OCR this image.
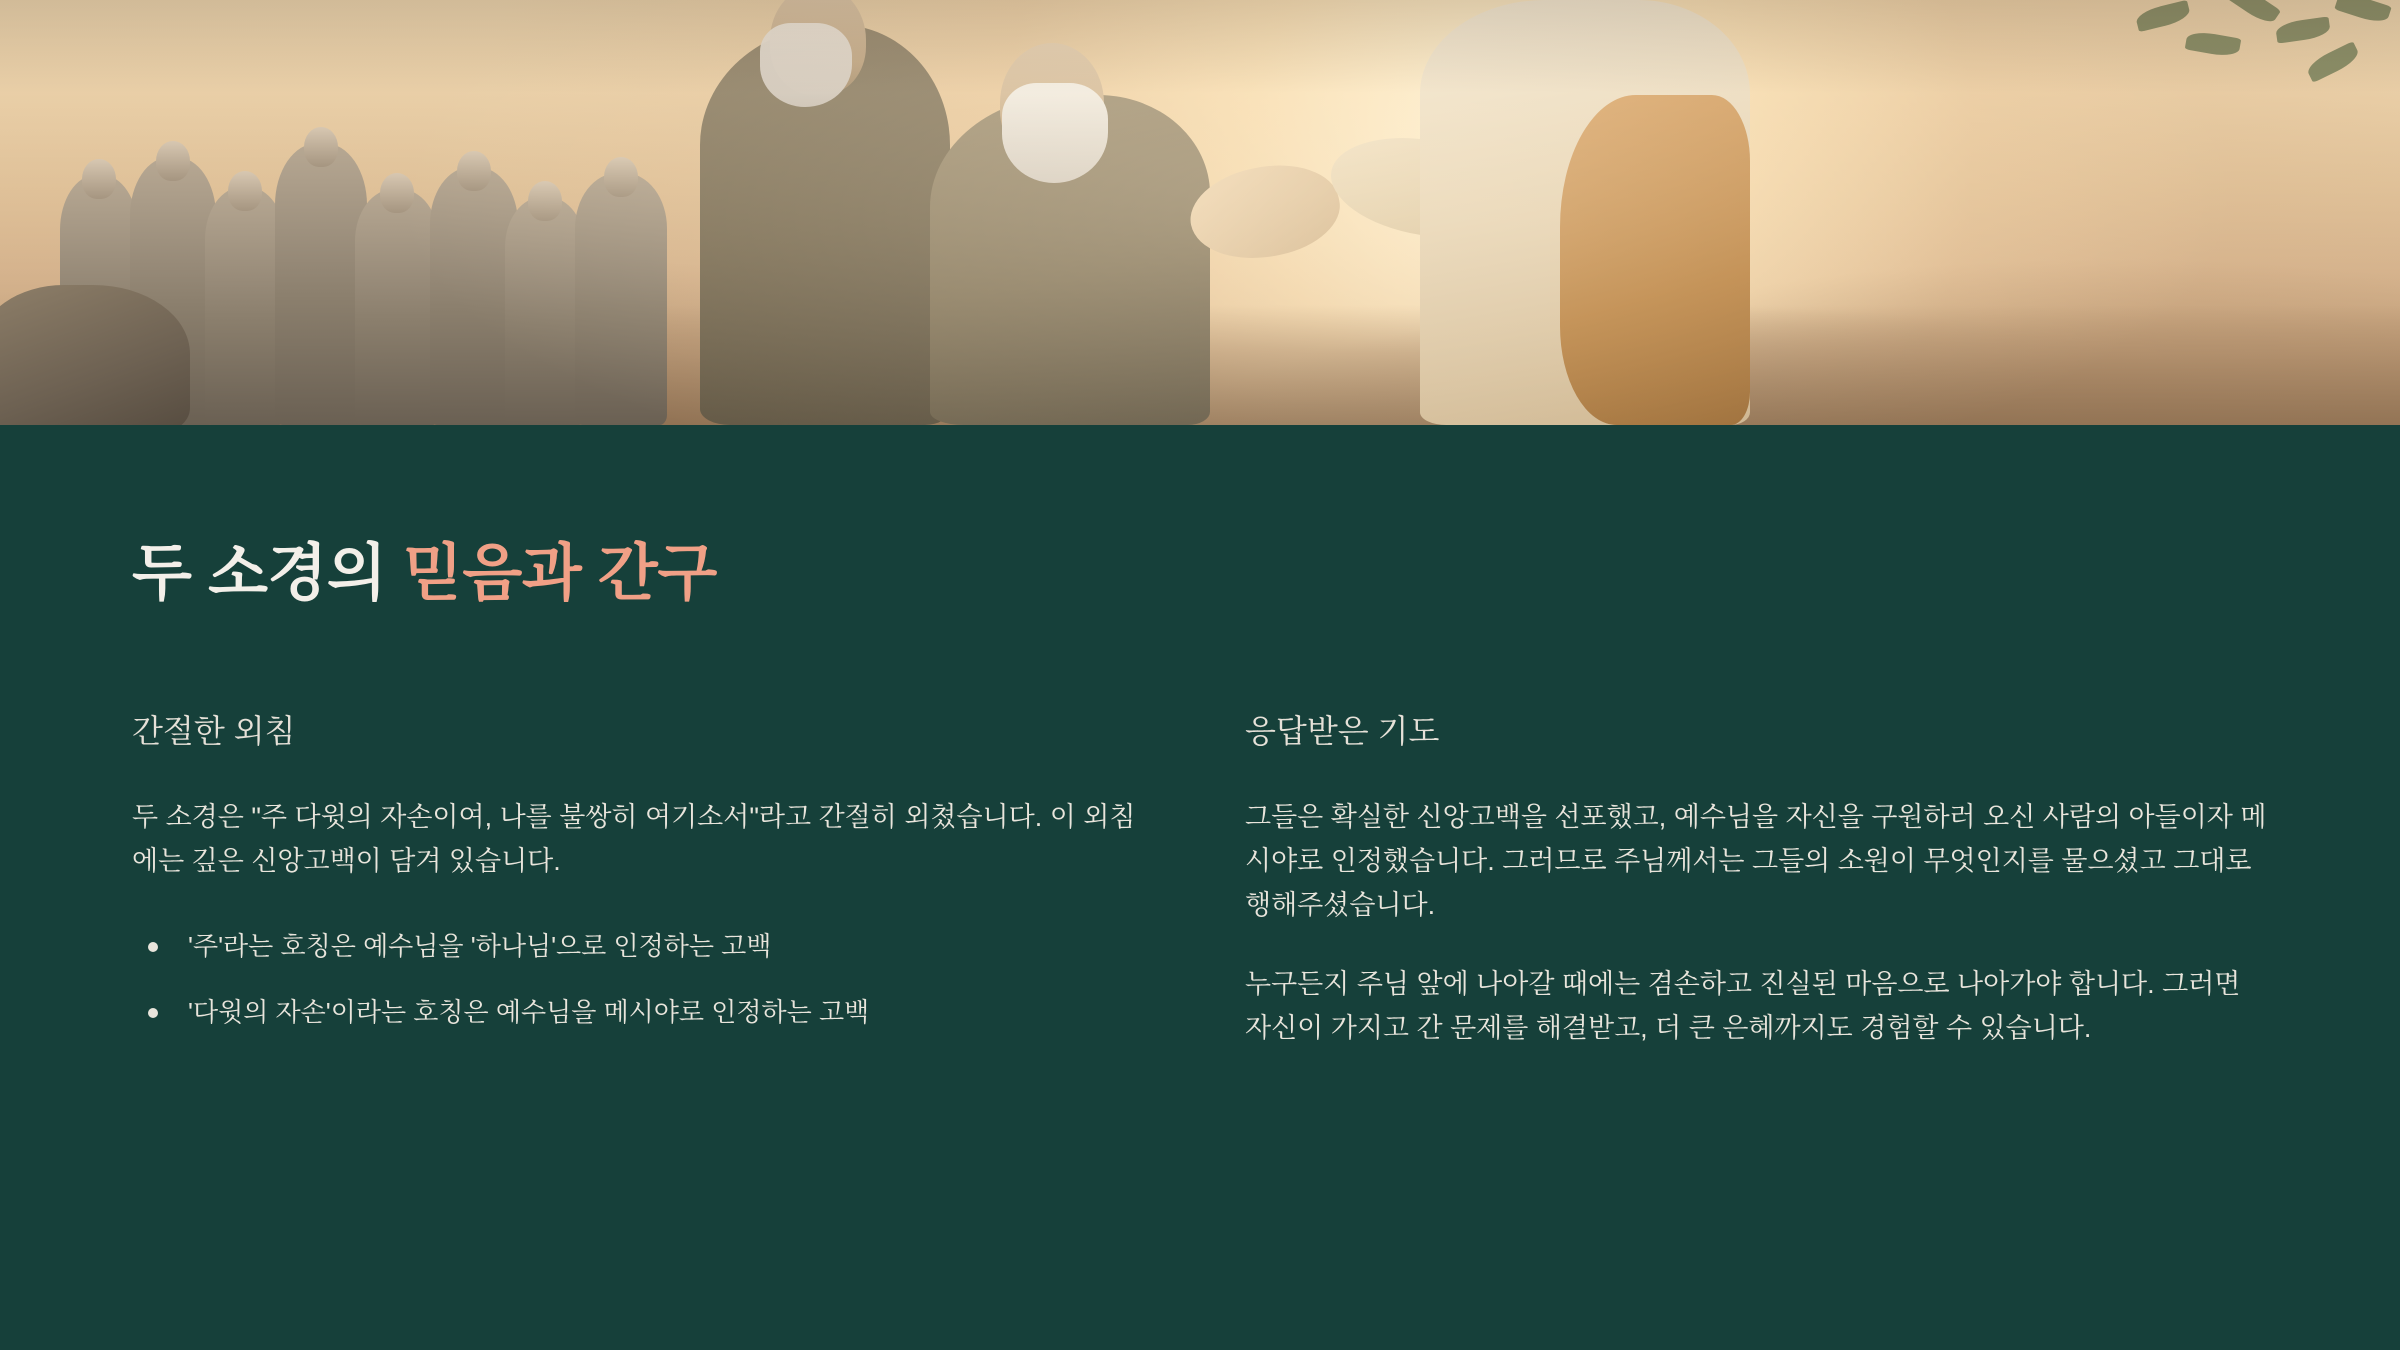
두 소경의 믿음과 간구
간절한 외침

두 소경은 "주 다윗의 자손이여, 나를 불쌍히 여기소서"라고 간절히 외쳤습니다. 이 외침에는 깊은 신앙고백이 담겨 있습니다.

'주'라는 호칭은 예수님을 '하나님'으로 인정하는 고백
'다윗의 자손'이라는 호칭은 예수님을 메시야로 인정하는 고백
응답받은 기도

그들은 확실한 신앙고백을 선포했고, 예수님을 자신을 구원하러 오신 사람의 아들이자 메시야로 인정했습니다. 그러므로 주님께서는 그들의 소원이 무엇인지를 물으셨고 그대로 행해주셨습니다.

누구든지 주님 앞에 나아갈 때에는 겸손하고 진실된 마음으로 나아가야 합니다. 그러면 자신이 가지고 간 문제를 해결받고, 더 큰 은혜까지도 경험할 수 있습니다.
